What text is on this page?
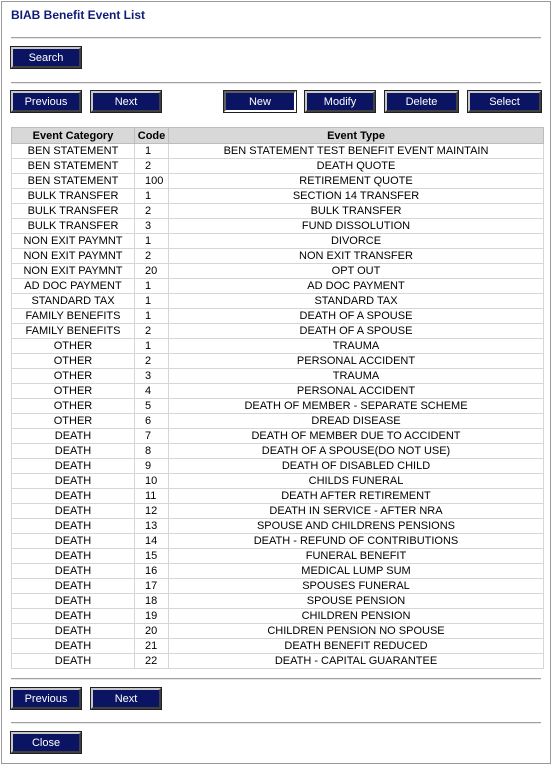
BIAB Benefit Event List
Search
Previous	Next	New	Modify	Delete	Select
Event Category	Code	Event Type
BEN STATEMENT	1	BEN STATEMENT TEST BENEFIT EVENT MAINTAIN
BEN STATEMENT	2	DEATH QUOTE
BEN STATEMENT	100	RETIREMENT QUOTE
BULK TRANSFER	1	SECTION 14 TRANSFER
BULK TRANSFER	2	BULK TRANSFER
BULK TRANSFER	3	FUND DISSOLUTION
NON EXIT PAYMNT	1	DIVORCE
NON EXIT PAYMNT	2	NON EXIT TRANSFER
NON EXIT PAYMNT	20	OPT OUT
AD DOC PAYMENT	1	AD DOC PAYMENT
STANDARD TAX	1	STANDARD TAX
FAMILY BENEFITS	1	DEATH OF A SPOUSE
FAMILY BENEFITS	2	DEATH OF A SPOUSE
OTHER	1	TRAUMA
OTHER	2	PERSONAL ACCIDENT
OTHER	3	TRAUMA
OTHER	4	PERSONAL ACCIDENT
OTHER	5	DEATH OF MEMBER - SEPARATE SCHEME
OTHER	6	DREAD DISEASE
DEATH	7	DEATH OF MEMBER DUE TO ACCIDENT
DEATH	8	DEATH OF A SPOUSE(DO NOT USE)
DEATH	9	DEATH OF DISABLED CHILD
DEATH	10	CHILDS FUNERAL
DEATH	11	DEATH AFTER RETIREMENT
DEATH	12	DEATH IN SERVICE - AFTER NRA
DEATH	13	SPOUSE AND CHILDRENS PENSIONS
DEATH	14	DEATH - REFUND OF CONTRIBUTIONS
DEATH	15	FUNERAL BENEFIT
DEATH	16	MEDICAL LUMP SUM
DEATH	17	SPOUSES FUNERAL
DEATH	18	SPOUSE PENSION
DEATH	19	CHILDREN PENSION
DEATH	20	CHILDREN PENSION NO SPOUSE
DEATH	21	DEATH BENEFIT REDUCED
DEATH	22	DEATH - CAPITAL GUARANTEE
Previous	Next
Close
